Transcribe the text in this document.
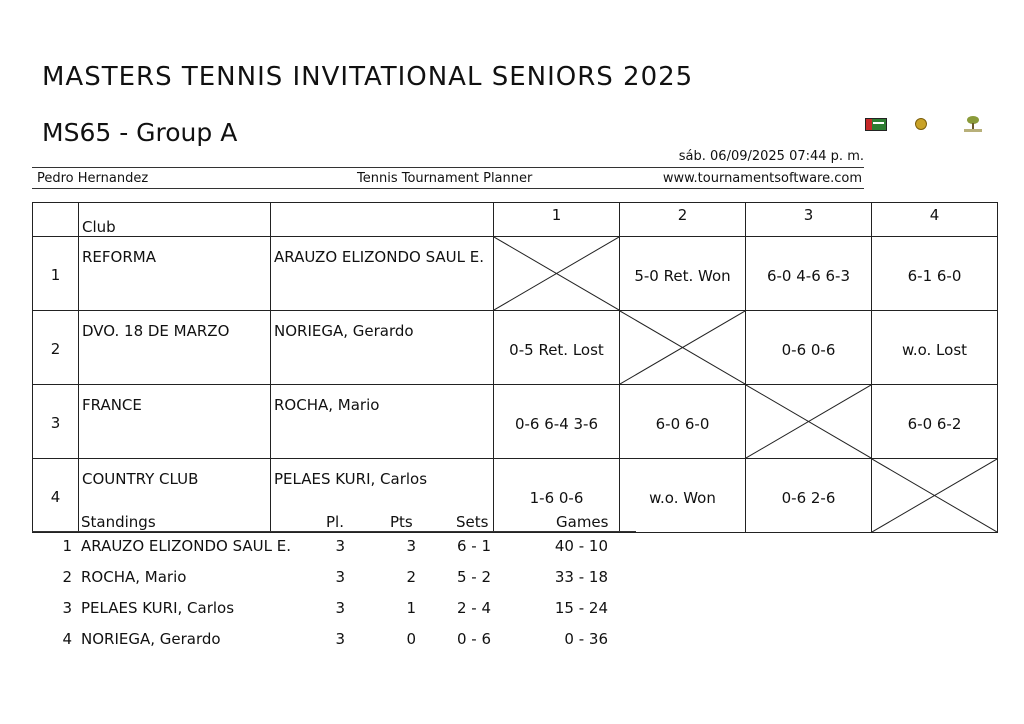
MASTERS TENNIS INVITATIONAL SENIORS 2025
MS65 - Group A
sáb. 06/09/2025 07:44 p. m.
Pedro Hernandez	Tennis Tournament Planner	www.tournamentsoftware.com
	Club		1	2	3	4
1	REFORMA	ARAUZO ELIZONDO SAUL E.		5-0 Ret. Won	6-0 4-6 6-3	6-1 6-0
2	DVO. 18 DE MARZO	NORIEGA, Gerardo	0-5 Ret. Lost		0-6 0-6	w.o. Lost
3	FRANCE	ROCHA, Mario	0-6 6-4 3-6	6-0 6-0		6-0 6-2
4	COUNTRY CLUB	PELAES KURI, Carlos	1-6 0-6	w.o. Won	0-6 2-6	
Standings	Pl.	Pts	Sets	Games
1 ARAUZO ELIZONDO SAUL E.	3	3	6 - 1	40 - 10
2 ROCHA, Mario	3	2	5 - 2	33 - 18
3 PELAES KURI, Carlos	3	1	2 - 4	15 - 24
4 NORIEGA, Gerardo	3	0	0 - 6	0 - 36
